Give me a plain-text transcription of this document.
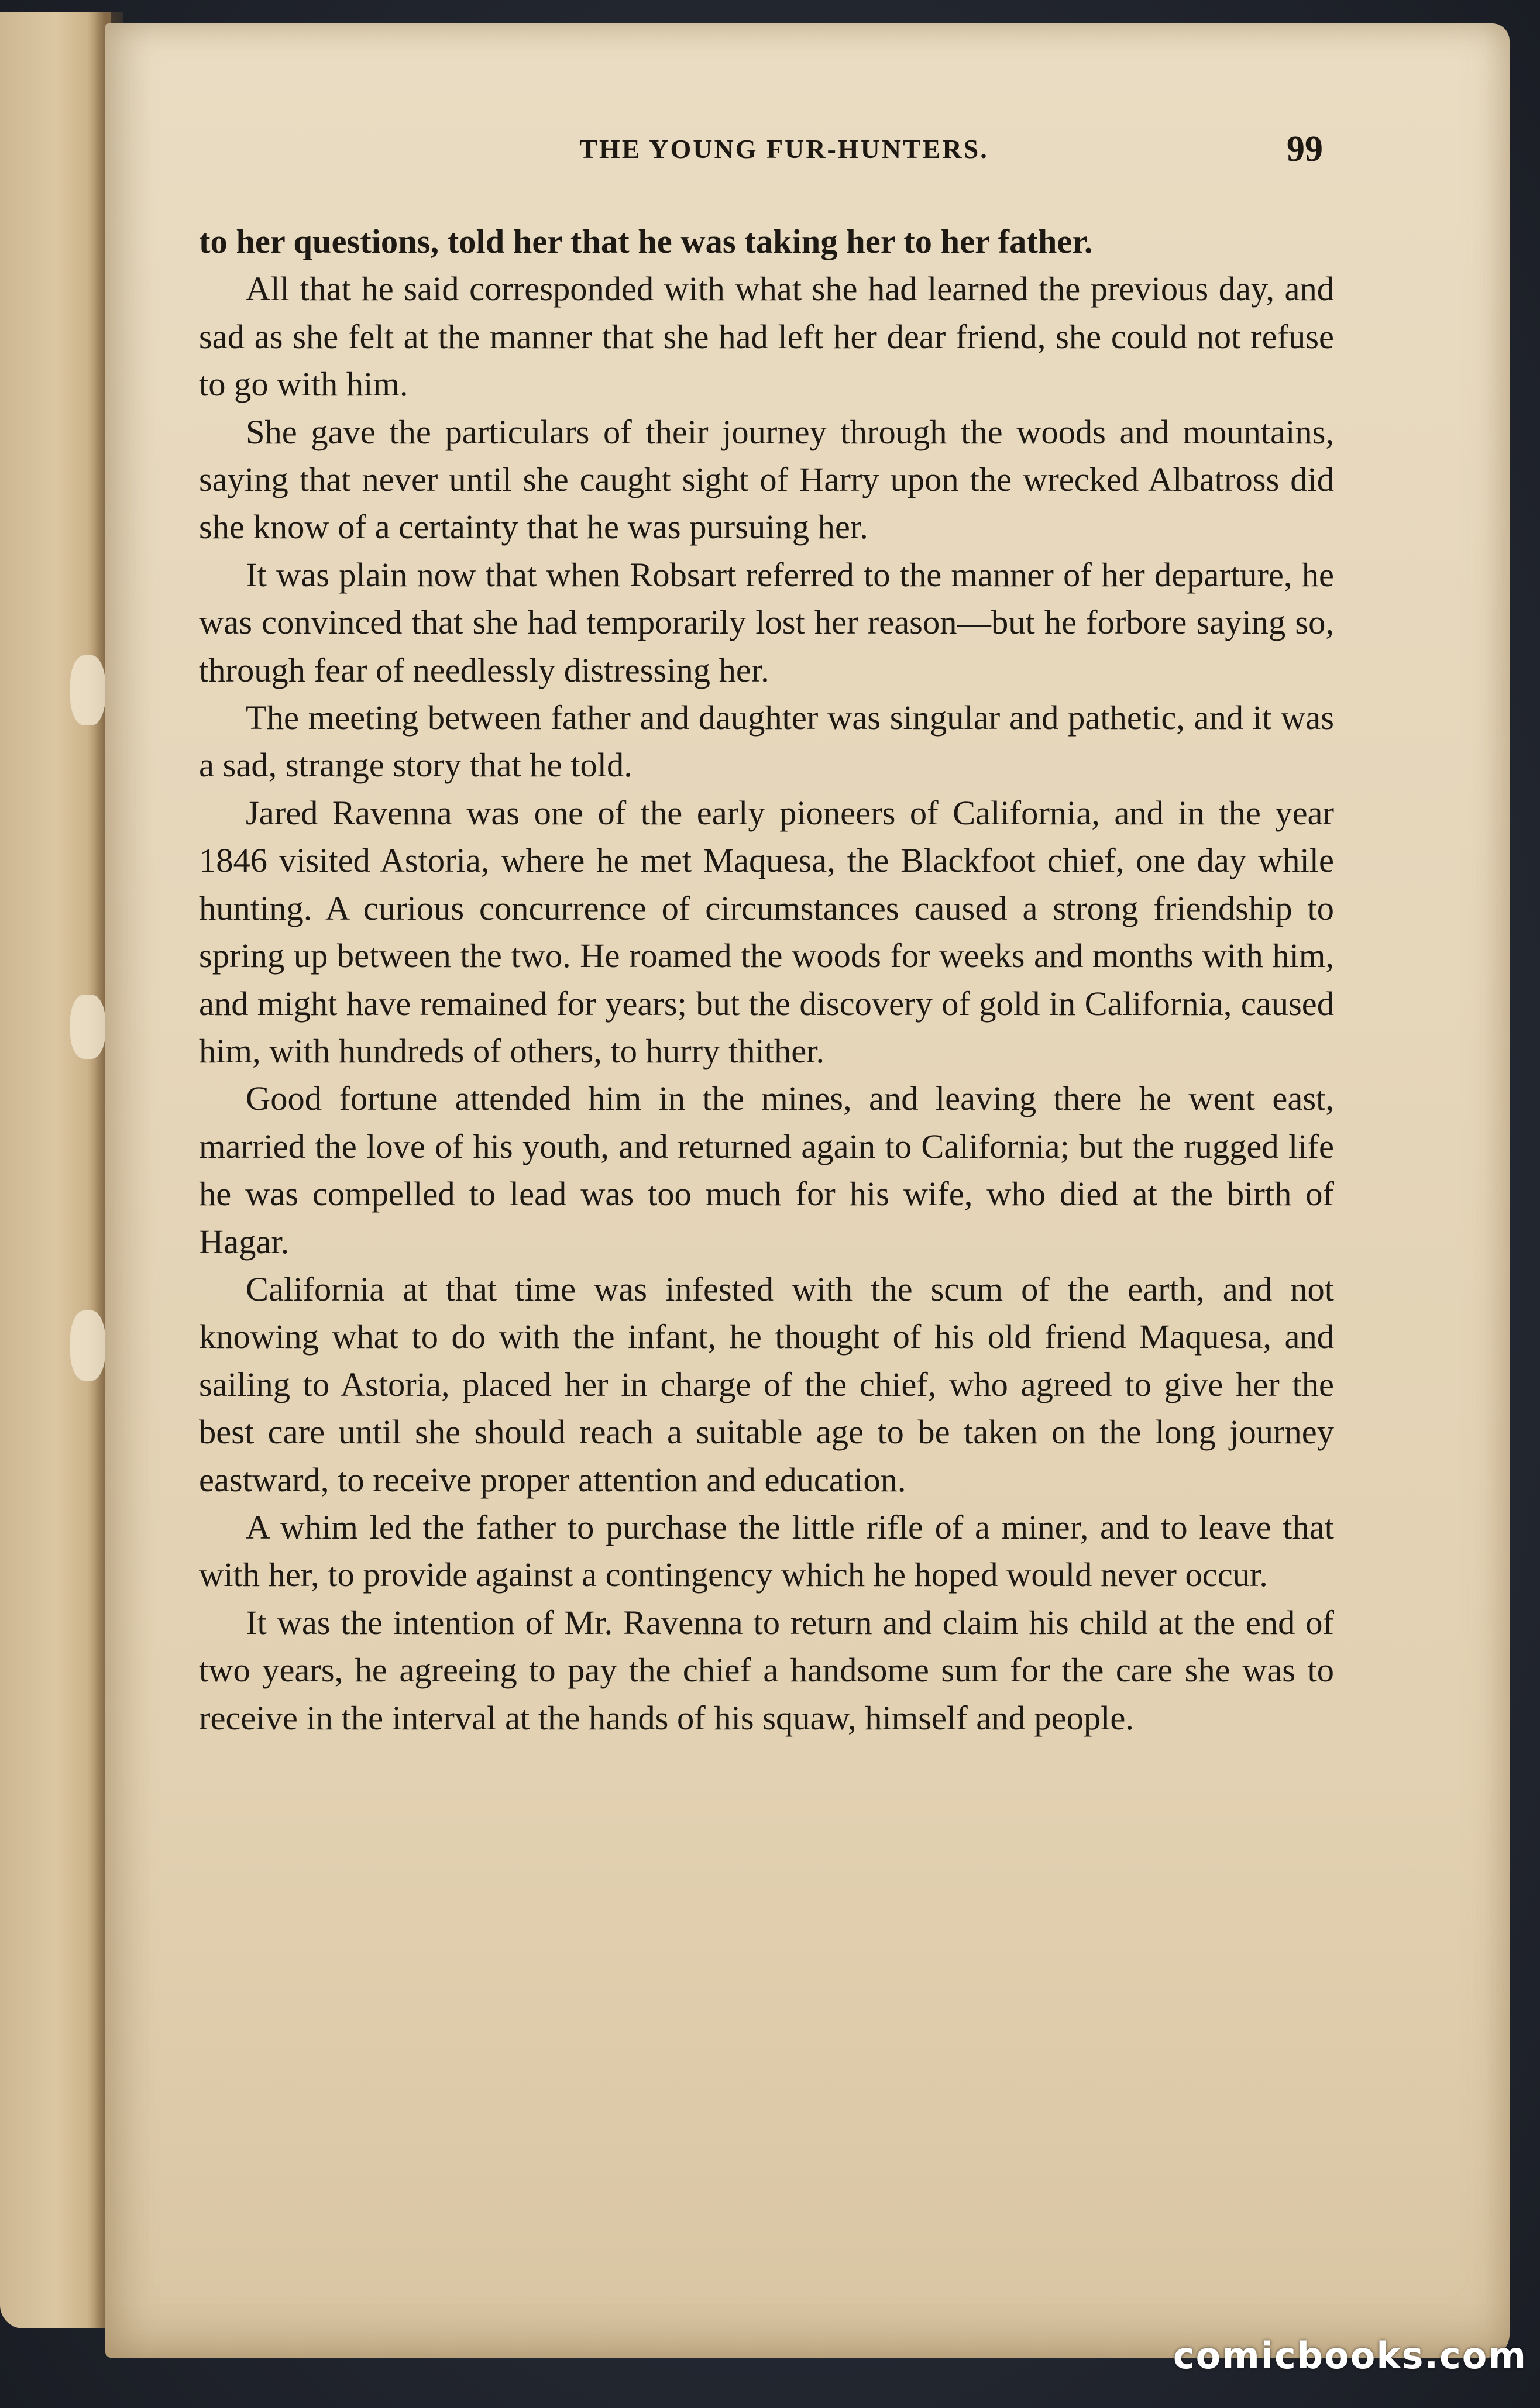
THE YOUNG FUR-HUNTERS.	99

to her questions, told her that he was taking her to her father.

All that he said corresponded with what she had learned the previous day, and sad as she felt at the manner that she had left her dear friend, she could not refuse to go with him.

She gave the particulars of their journey through the woods and mountains, saying that never until she caught sight of Harry upon the wrecked Albatross did she know of a certainty that he was pursuing her.

It was plain now that when Robsart referred to the manner of her departure, he was convinced that she had temporarily lost her reason—but he forbore saying so, through fear of needlessly distressing her.

The meeting between father and daughter was singular and pathetic, and it was a sad, strange story that he told.

Jared Ravenna was one of the early pioneers of California, and in the year 1846 visited Astoria, where he met Maquesa, the Blackfoot chief, one day while hunting. A curious concurrence of circumstances caused a strong friendship to spring up between the two. He roamed the woods for weeks and months with him, and might have remained for years; but the discovery of gold in California, caused him, with hundreds of others, to hurry thither.

Good fortune attended him in the mines, and leaving there he went east, married the love of his youth, and returned again to California; but the rugged life he was compelled to lead was too much for his wife, who died at the birth of Hagar.

California at that time was infested with the scum of the earth, and not knowing what to do with the infant, he thought of his old friend Maquesa, and sailing to Astoria, placed her in charge of the chief, who agreed to give her the best care until she should reach a suitable age to be taken on the long journey eastward, to receive proper attention and education.

A whim led the father to purchase the little rifle of a miner, and to leave that with her, to provide against a contingency which he hoped would never occur.

It was the intention of Mr. Ravenna to return and claim his child at the end of two years, he agreeing to pay the chief a handsome sum for the care she was to receive in the interval at the hands of his squaw, himself and people.

comicbooks.com
